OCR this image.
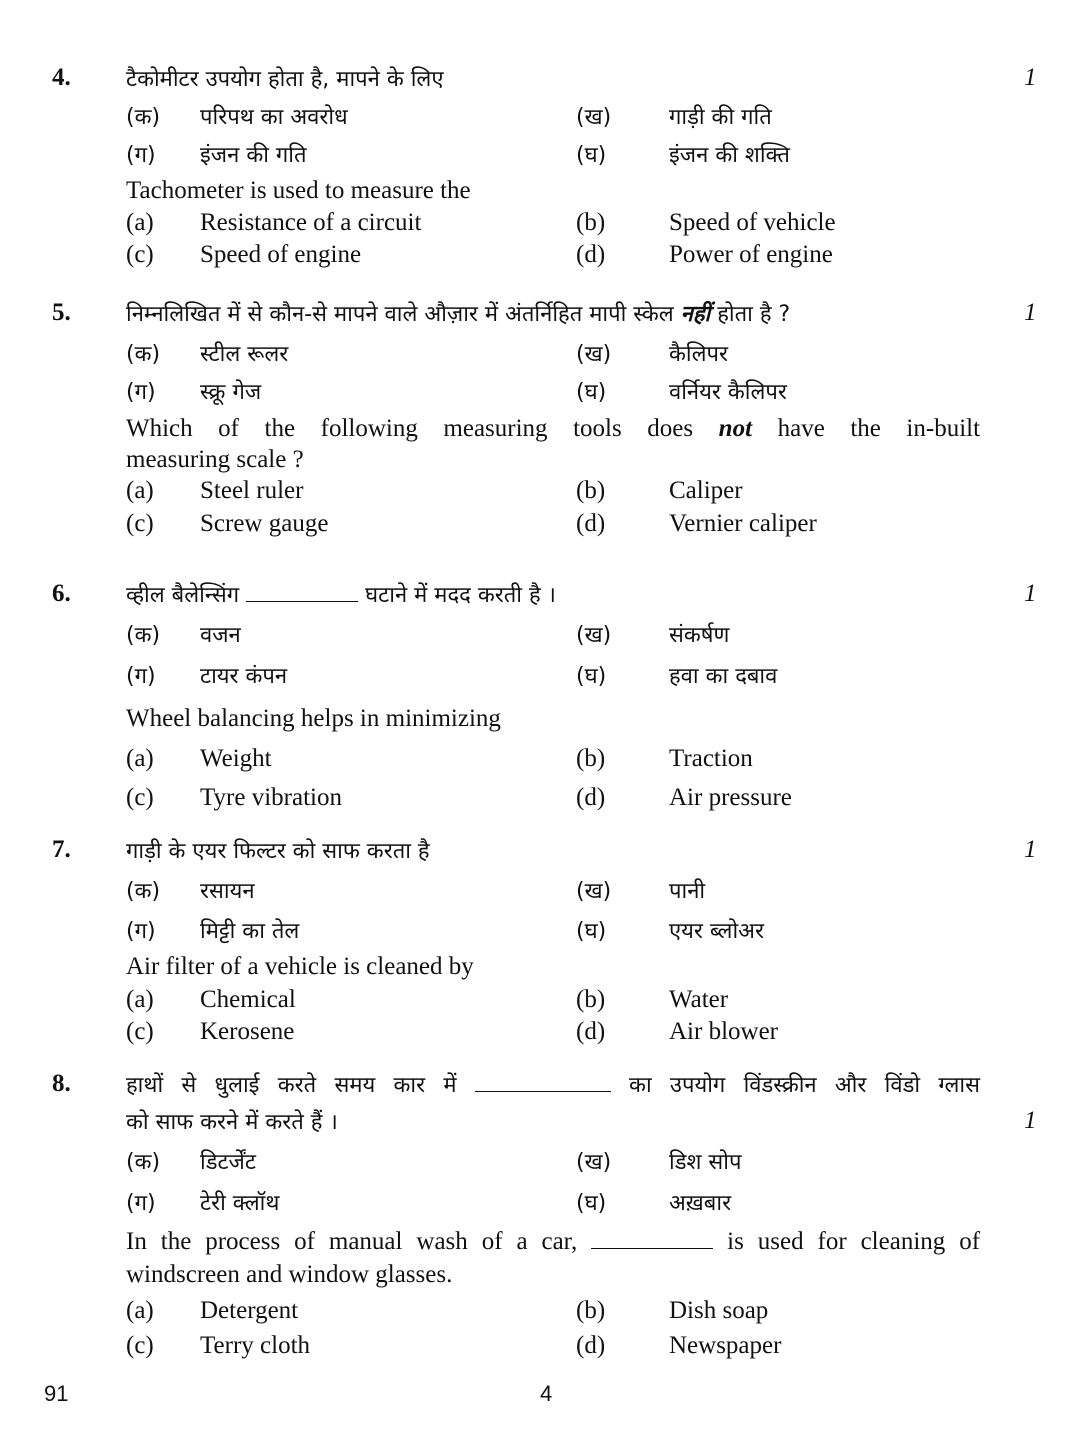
4.	टैकोमीटर उपयोग होता है, मापने के लिए	1
(क) परिपथ का अवरोध	(ख)	गाड़ी की गति
(ग) इंजन की गति	(घ)	इंजन की शक्ति
Tachometer is used to measure the
(a) Resistance of a circuit	(b)	Speed of vehicle
(c) Speed of engine	(d)	Power of engine
5.	निम्नलिखित में से कौन-से मापने वाले औज़ार में अंतर्निहित मापी स्केल नहीं होता है ?	1
(क) स्टील रूलर	(ख)	कैलिपर
(ग) स्क्रू गेज	(घ)	वर्नियर कैलिपर
Which of the following measuring tools does not have the in-built
measuring scale ?
(a) Steel ruler	(b)	Caliper
(c) Screw gauge	(d)	Vernier caliper
6.	व्हील बैलेन्सिंग	घटाने में मदद करती है ।	1
(क) वजन	(ख)	संकर्षण
(ग) टायर कंपन	(घ)	हवा का दबाव
Wheel balancing helps in minimizing
(a) Weight	(b)	Traction
(c) Tyre vibration	(d)	Air pressure
7.	गाड़ी के एयर फिल्टर को साफ करता है	1
(क) रसायन	(ख)	पानी
(ग) मिट्टी का तेल	(घ)	एयर ब्लोअर
Air filter of a vehicle is cleaned by
(a) Chemical	(b)	Water
(c) Kerosene	(d)	Air blower
8.	हाथों से धुलाई करते समय कार में	का उपयोग विंडस्क्रीन और विंडो ग्लास
को साफ करने में करते हैं ।	1
(क) डिटर्जेंट	(ख)	डिश सोप
(ग) टेरी क्लॉथ	(घ)	अख़बार
In the process of manual wash of a car,	is used for cleaning of
windscreen and window glasses.
(a) Detergent	(b)	Dish soap
(c) Terry cloth	(d)	Newspaper
91	4
